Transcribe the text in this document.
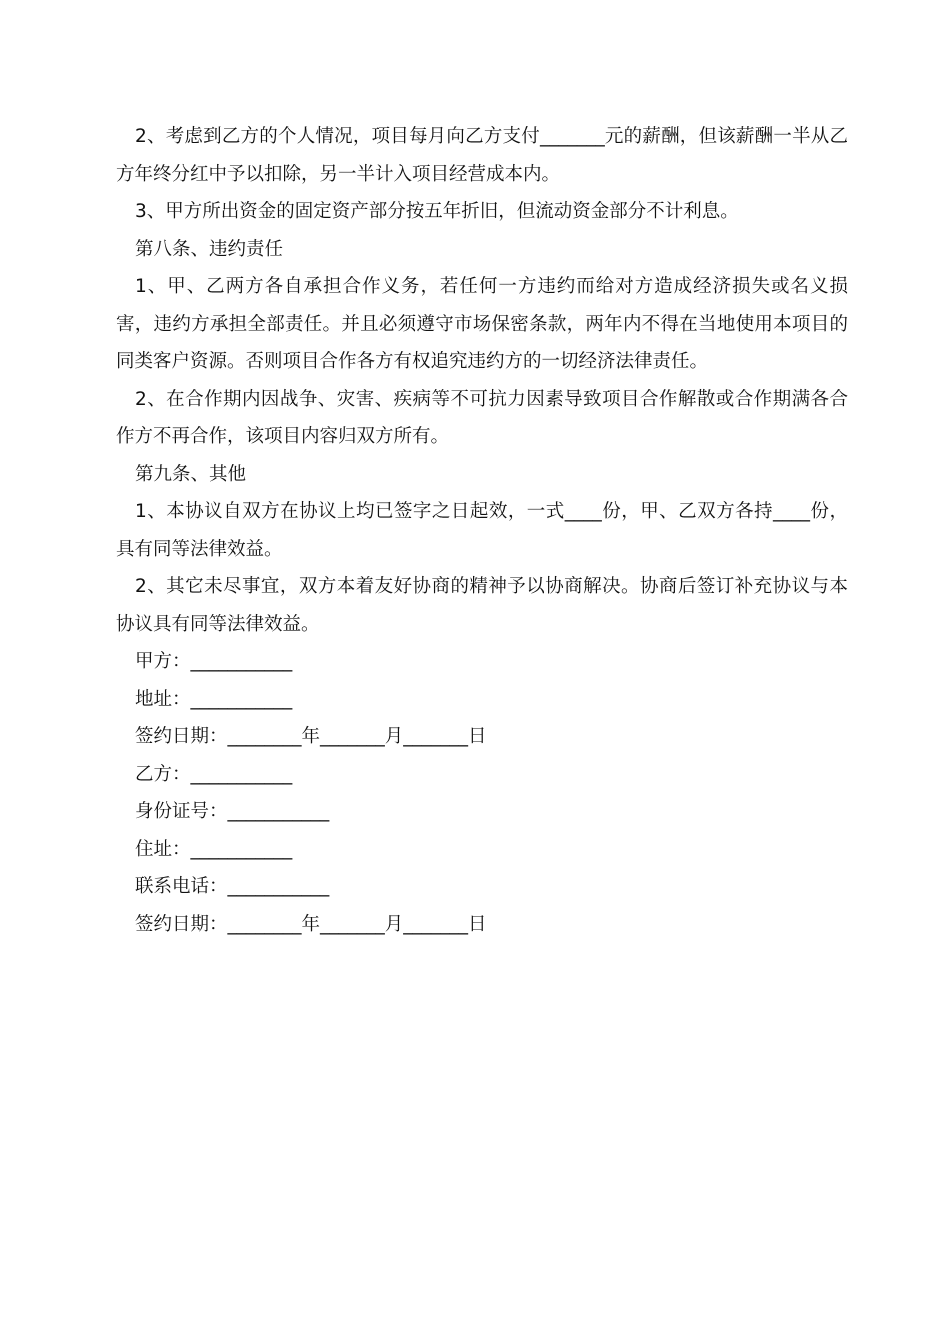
2、考虑到乙方的个人情况，项目每月向乙方支付_______元的薪酬，但该薪酬一半从乙方年终分红中予以扣除，另一半计入项目经营成本内。

3、甲方所出资金的固定资产部分按五年折旧，但流动资金部分不计利息。

第八条、违约责任

1、甲、乙两方各自承担合作义务，若任何一方违约而给对方造成经济损失或名义损害，违约方承担全部责任。并且必须遵守市场保密条款，两年内不得在当地使用本项目的同类客户资源。否则项目合作各方有权追究违约方的一切经济法律责任。

2、在合作期内因战争、灾害、疾病等不可抗力因素导致项目合作解散或合作期满各合作方不再合作，该项目内容归双方所有。

第九条、其他

1、本协议自双方在协议上均已签字之日起效，一式____份，甲、乙双方各持____份，具有同等法律效益。

2、其它未尽事宜，双方本着友好协商的精神予以协商解决。协商后签订补充协议与本协议具有同等法律效益。

甲方：___________

地址：___________

签约日期：________年_______月_______日

乙方：___________

身份证号：___________

住址：___________

联系电话：___________

签约日期：________年_______月_______日
